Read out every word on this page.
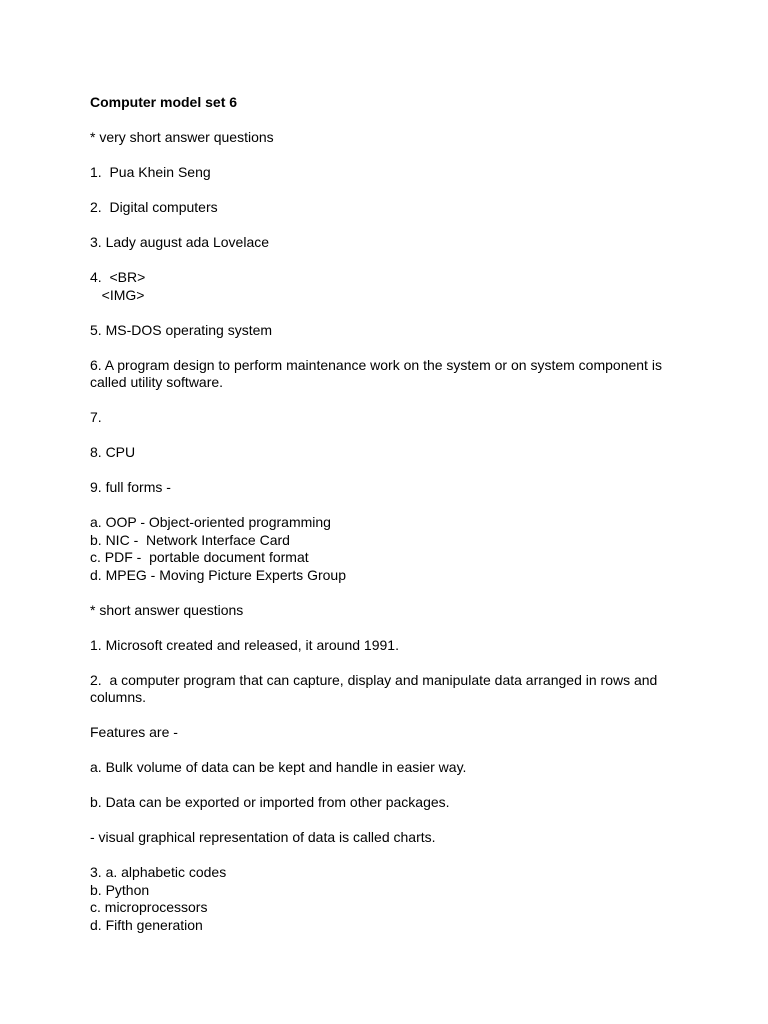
Computer model set 6
* very short answer questions
1.  Pua Khein Seng
2.  Digital computers
3. Lady august ada Lovelace
4.  <BR>
<IMG>
5. MS-DOS operating system
6. A program design to perform maintenance work on the system or on system component is
called utility software.
7.
8. CPU
9. full forms -
a. OOP - Object-oriented programming
b. NIC -  Network Interface Card
c. PDF -  portable document format
d. MPEG - Moving Picture Experts Group
* short answer questions
1. Microsoft created and released, it around 1991.
2.  a computer program that can capture, display and manipulate data arranged in rows and
columns.
Features are -
a. Bulk volume of data can be kept and handle in easier way.
b. Data can be exported or imported from other packages.
- visual graphical representation of data is called charts.
3. a. alphabetic codes
b. Python
c. microprocessors
d. Fifth generation
